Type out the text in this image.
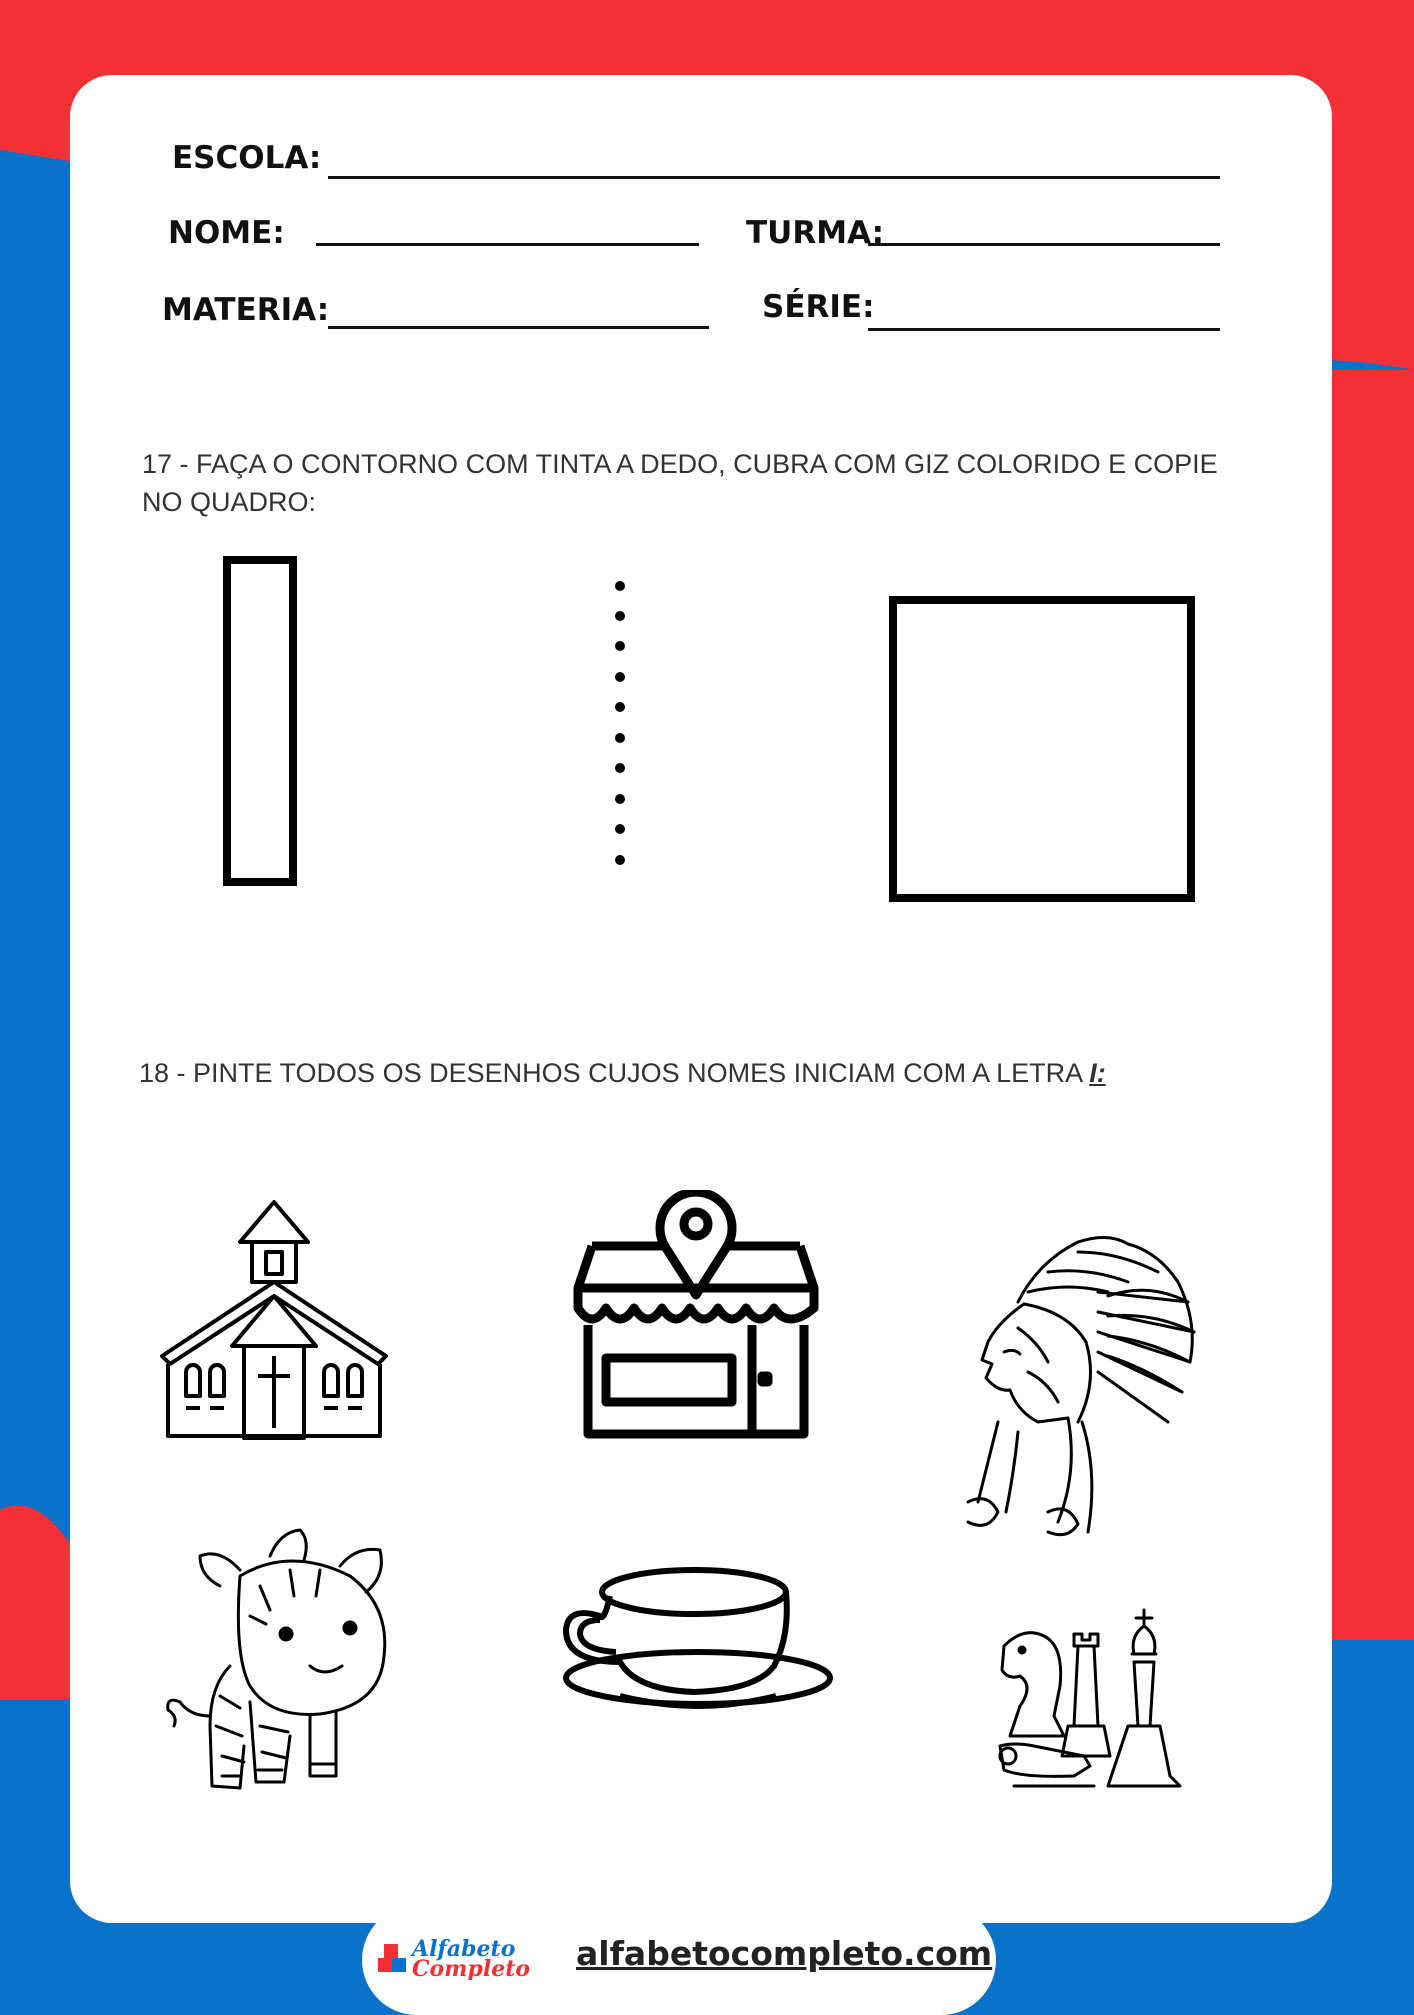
ESCOLA:
NOME:	TURMA:
MATERIA:	SÉRIE:
17 - FAÇA O CONTORNO COM TINTA A DEDO, CUBRA COM GIZ COLORIDO E COPIE NO QUADRO:
18 - PINTE TODOS OS DESENHOS CUJOS NOMES INICIAM COM A LETRA I:
Alfabeto
Completo alfabetocompleto.com
